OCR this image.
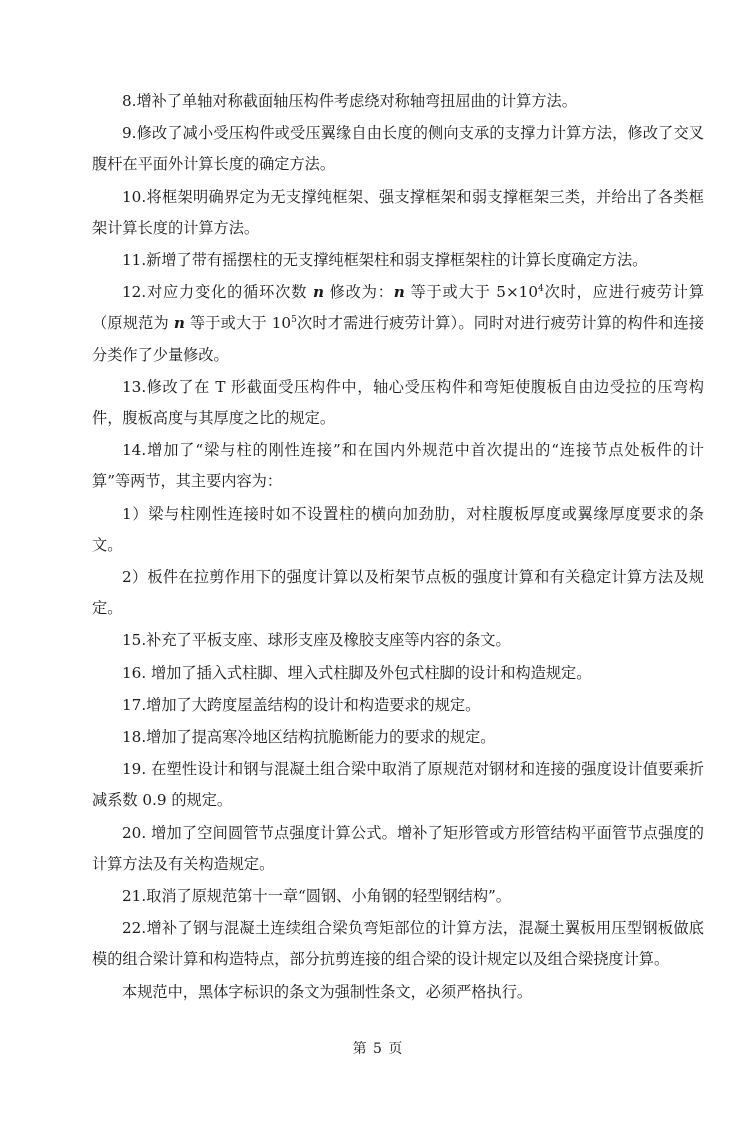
8.增补了单轴对称截面轴压构件考虑绕对称轴弯扭屈曲的计算方法。

9.修改了减小受压构件或受压翼缘自由长度的侧向支承的支撑力计算方法，修改了交叉腹杆在平面外计算长度的确定方法。

10.将框架明确界定为无支撑纯框架、强支撑框架和弱支撑框架三类，并给出了各类框架计算长度的计算方法。

11.新增了带有摇摆柱的无支撑纯框架柱和弱支撑框架柱的计算长度确定方法。

12.对应力变化的循环次数 n 修改为：n 等于或大于 $5\times 10^4$次时，应进行疲劳计算（原规范为 n 等于或大于 $10^5$次时才需进行疲劳计算）。同时对进行疲劳计算的构件和连接分类作了少量修改。

13.修改了在 T 形截面受压构件中，轴心受压构件和弯矩使腹板自由边受拉的压弯构件，腹板高度与其厚度之比的规定。

14.增加了“梁与柱的刚性连接”和在国内外规范中首次提出的“连接节点处板件的计算”等两节，其主要内容为：

1）梁与柱刚性连接时如不设置柱的横向加劲肋，对柱腹板厚度或翼缘厚度要求的条文。

2）板件在拉剪作用下的强度计算以及桁架节点板的强度计算和有关稳定计算方法及规定。

15.补充了平板支座、球形支座及橡胶支座等内容的条文。

16. 增加了插入式柱脚、埋入式柱脚及外包式柱脚的设计和构造规定。

17.增加了大跨度屋盖结构的设计和构造要求的规定。

18.增加了提高寒冷地区结构抗脆断能力的要求的规定。

19. 在塑性设计和钢与混凝土组合梁中取消了原规范对钢材和连接的强度设计值要乘折减系数 0.9 的规定。

20. 增加了空间圆管节点强度计算公式。增补了矩形管或方形管结构平面管节点强度的计算方法及有关构造规定。

21.取消了原规范第十一章“圆钢、小角钢的轻型钢结构”。

22.增补了钢与混凝土连续组合梁负弯矩部位的计算方法，混凝土翼板用压型钢板做底模的组合梁计算和构造特点，部分抗剪连接的组合梁的设计规定以及组合梁挠度计算。

本规范中，黑体字标识的条文为强制性条文，必须严格执行。

第 5 页
